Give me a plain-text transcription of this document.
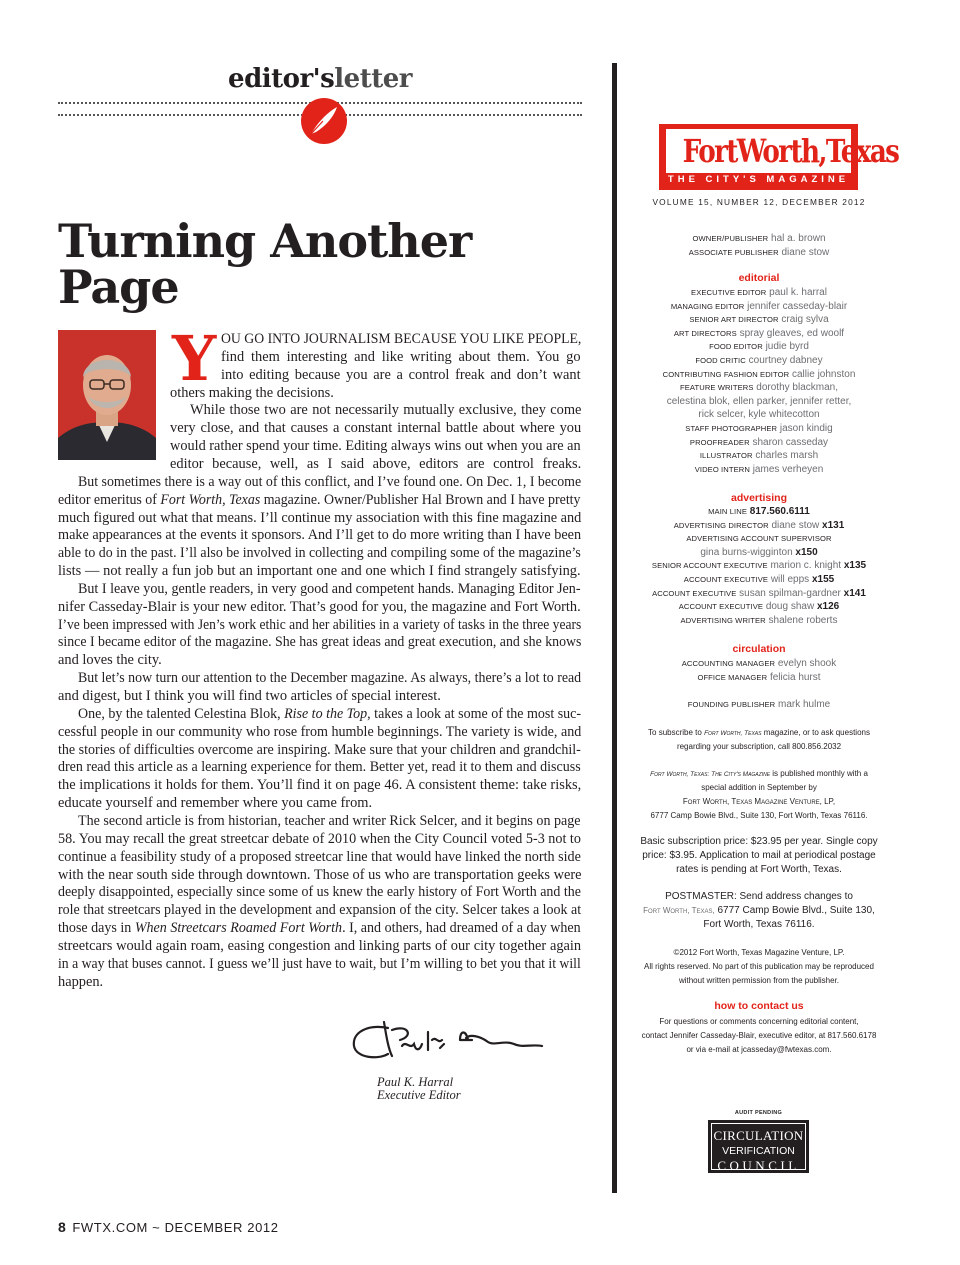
editor'sletter
Turning Another
Page
Y OU GO INTO JOURNALISM BECAUSE YOU LIKE PEOPLE,
find them interesting and like writing about them. You go
into editing because you are a control freak and don’t want
others making the decisions.
While those two are not necessarily mutually exclusive, they come
very close, and that causes a constant internal battle about where you
would rather spend your time. Editing always wins out when you are an
editor because, well, as I said above, editors are control freaks.
But sometimes there is a way out of this conflict, and I’ve found one. On Dec. 1, I become
editor emeritus of Fort Worth, Texas magazine. Owner/Publisher Hal Brown and I have pretty
much figured out what that means. I’ll continue my association with this fine magazine and
make appearances at the events it sponsors. And I’ll get to do more writing than I have been
able to do in the past. I’ll also be involved in collecting and compiling some of the magazine’s
lists — not really a fun job but an important one and one which I find strangely satisfying.
But I leave you, gentle readers, in very good and competent hands. Managing Editor Jen-
nifer Casseday-Blair is your new editor. That’s good for you, the magazine and Fort Worth.
I’ve been impressed with Jen’s work ethic and her abilities in a variety of tasks in the three years
since I became editor of the magazine. She has great ideas and great execution, and she knows
and loves the city.
But let’s now turn our attention to the December magazine. As always, there’s a lot to read
and digest, but I think you will find two articles of special interest.
One, by the talented Celestina Blok, Rise to the Top, takes a look at some of the most suc-
cessful people in our community who rose from humble beginnings. The variety is wide, and
the stories of difficulties overcome are inspiring. Make sure that your children and grandchil-
dren read this article as a learning experience for them. Better yet, read it to them and discuss
the implications it holds for them. You’ll find it on page 46. A consistent theme: take risks,
educate yourself and remember where you came from.
The second article is from historian, teacher and writer Rick Selcer, and it begins on page
58. You may recall the great streetcar debate of 2010 when the City Council voted 5-3 not to
continue a feasibility study of a proposed streetcar line that would have linked the north side
with the near south side through downtown. Those of us who are transportation geeks were
deeply disappointed, especially since some of us knew the early history of Fort Worth and the
role that streetcars played in the development and expansion of the city. Selcer takes a look at
those days in When Streetcars Roamed Fort Worth. I, and others, had dreamed of a day when
streetcars would again roam, easing congestion and linking parts of our city together again
in a way that buses cannot. I guess we’ll just have to wait, but I’m willing to bet you that it will
happen.
Paul K. Harral
Executive Editor
8 FWTX.COM ~ DECEMBER 2012
FortWorth,Texas
THE CITY'S MAGAZINE
VOLUME 15, NUMBER 12, DECEMBER 2012
OWNER/PUBLISHER hal a. brown
ASSOCIATE PUBLISHER diane stow
editorial
EXECUTIVE EDITOR paul k. harral
MANAGING EDITOR jennifer casseday-blair
SENIOR ART DIRECTOR craig sylva
ART DIRECTORS spray gleaves, ed woolf
FOOD EDITOR judie byrd
FOOD CRITIC courtney dabney
CONTRIBUTING FASHION EDITOR callie johnston
FEATURE WRITERS dorothy blackman,
celestina blok, ellen parker, jennifer retter,
rick selcer, kyle whitecotton
STAFF PHOTOGRAPHER jason kindig
PROOFREADER sharon casseday
ILLUSTRATOR charles marsh
VIDEO INTERN james verheyen
advertising
MAIN LINE 817.560.6111
ADVERTISING DIRECTOR diane stow x131
ADVERTISING ACCOUNT SUPERVISOR
gina burns-wigginton x150
SENIOR ACCOUNT EXECUTIVE marion c. knight x135
ACCOUNT EXECUTIVE will epps x155
ACCOUNT EXECUTIVE susan spilman-gardner x141
ACCOUNT EXECUTIVE doug shaw x126
ADVERTISING WRITER shalene roberts
circulation
ACCOUNTING MANAGER evelyn shook
OFFICE MANAGER felicia hurst
FOUNDING PUBLISHER mark hulme
To subscribe to Fort Worth, Texas magazine, or to ask questions
regarding your subscription, call 800.856.2032
Fort Worth, Texas: The City's Magazine is published monthly with a
special addition in September by
Fort Worth, Texas Magazine Venture, LP,
6777 Camp Bowie Blvd., Suite 130, Fort Worth, Texas 76116.
Basic subscription price: $23.95 per year. Single copy
price: $3.95. Application to mail at periodical postage
rates is pending at Fort Worth, Texas.
POSTMASTER: Send address changes to
Fort Worth, Texas, 6777 Camp Bowie Blvd., Suite 130,
Fort Worth, Texas 76116.
©2012 Fort Worth, Texas Magazine Venture, LP.
All rights reserved. No part of this publication may be reproduced
without written permission from the publisher.
how to contact us
For questions or comments concerning editorial content,
contact Jennifer Casseday-Blair, executive editor, at 817.560.6178
or via e-mail at jcasseday@fwtexas.com.
AUDIT PENDING
CIRCULATION
VERIFICATION
COUNCIL
